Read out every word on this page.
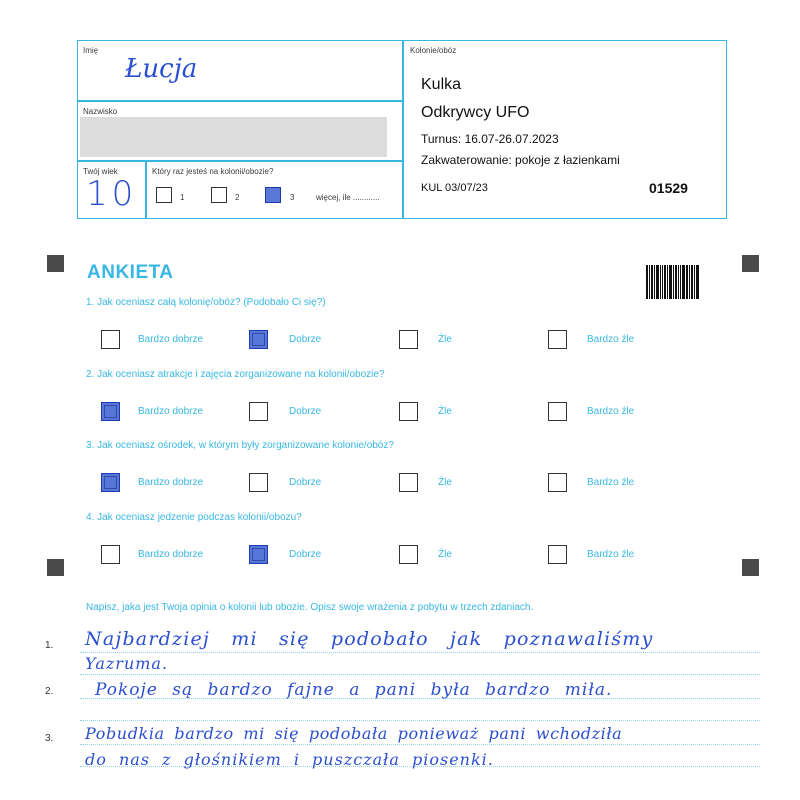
Imię
Łucja
Nazwisko
Twój wiek
10
Który raz jesteś na kolonii/obozie?
1	2	3	więcej, ile ............
Kolonie/obóz
Kulka
Odkrywcy UFO
Turnus: 16.07-26.07.2023
Zakwaterowanie: pokoje z łazienkami
KUL 03/07/23	01529
ANKIETA
1. Jak oceniasz całą kolonię/obóz? (Podobało Ci się?)
Bardzo dobrze	Dobrze	Źle	Bardzo źle
2. Jak oceniasz atrakcje i zajęcia zorganizowane na kolonii/obozie?
Bardzo dobrze	Dobrze	Źle	Bardzo źle
3. Jak oceniasz ośrodek, w którym były zorganizowane kolonie/obóz?
Bardzo dobrze	Dobrze	Źle	Bardzo źle
4. Jak oceniasz jedzenie podczas kolonii/obozu?
Bardzo dobrze	Dobrze	Źle	Bardzo źle
Napisz, jaka jest Twoja opinia o kolonii lub obozie. Opisz swoje wrażenia z pobytu w trzech zdaniach.
1.
2.
3.
Najbardziej mi się podobało jak poznawaliśmy
Yazruma.
Pokoje są bardzo fajne a pani była bardzo miła.
Pobudkia bardzo mi się podobała ponieważ pani wchodziła
do nas z głośnikiem i puszczała piosenki.
